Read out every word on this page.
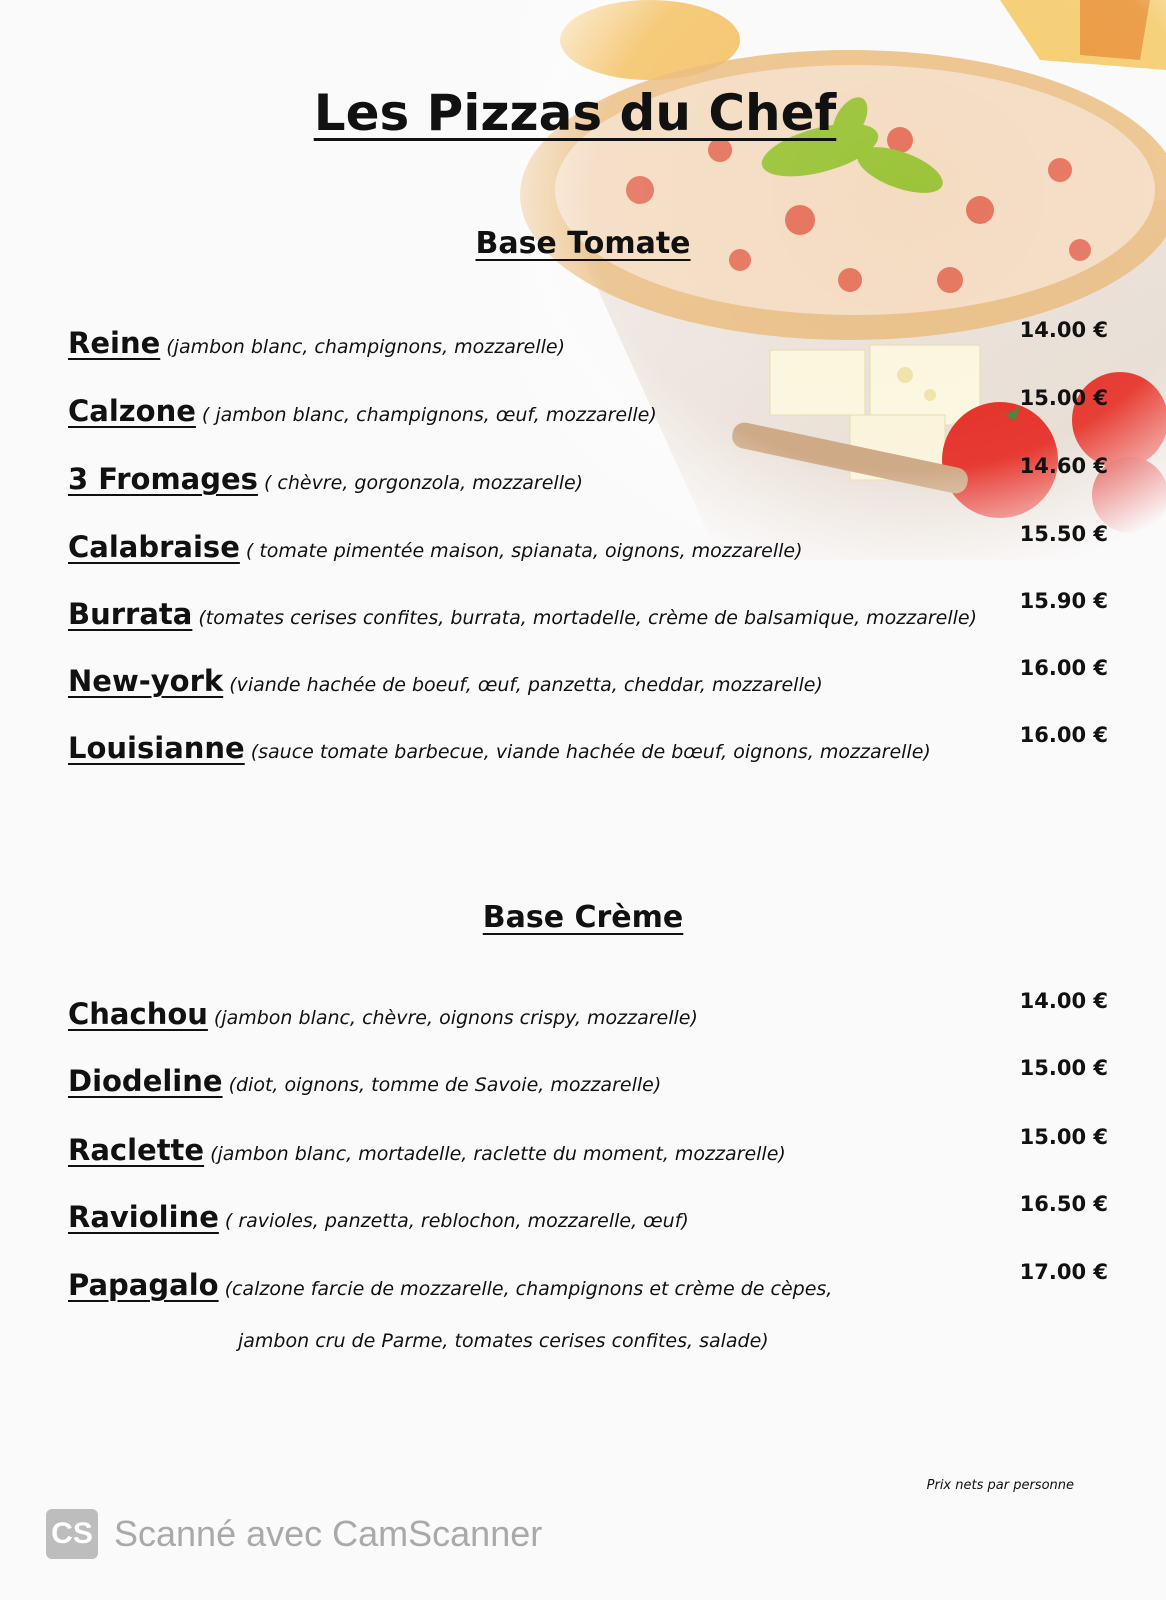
Les Pizzas du Chef
Base Tomate
Reine (jambon blanc, champignons, mozzarelle)
14.00 €
Calzone ( jambon blanc, champignons, œuf, mozzarelle)
15.00 €
3 Fromages ( chèvre, gorgonzola, mozzarelle)
14.60 €
Calabraise ( tomate pimentée maison, spianata, oignons, mozzarelle)
15.50 €
Burrata (tomates cerises confites, burrata, mortadelle, crème de balsamique, mozzarelle)
15.90 €
New-york (viande hachée de boeuf, œuf, panzetta, cheddar, mozzarelle)
16.00 €
Louisianne (sauce tomate barbecue, viande hachée de bœuf, oignons, mozzarelle)
16.00 €
Base Crème
Chachou (jambon blanc, chèvre, oignons crispy, mozzarelle)
14.00 €
Diodeline (diot, oignons, tomme de Savoie, mozzarelle)
15.00 €
Raclette (jambon blanc, mortadelle, raclette du moment, mozzarelle)
15.00 €
Ravioline ( ravioles, panzetta, reblochon, mozzarelle, œuf)
16.50 €
Papagalo (calzone farcie de mozzarelle, champignons et crème de cèpes,
17.00 €
jambon cru de Parme, tomates cerises confites, salade)
Prix nets par personne
CS Scanné avec CamScanner
